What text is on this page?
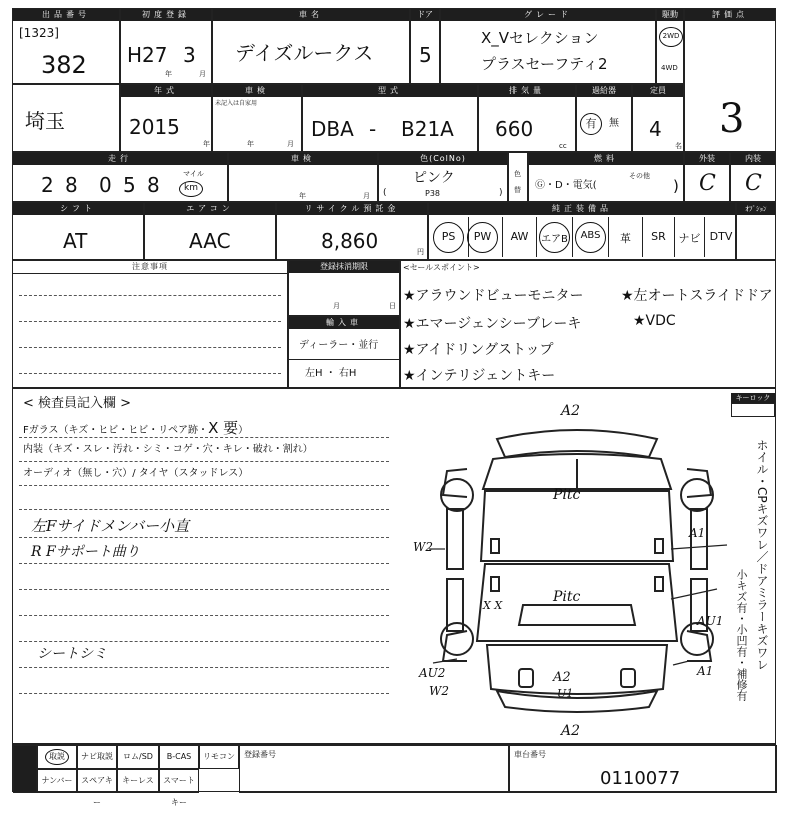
出品番号
[1323]
382
初度登録
H27 3
年	月
車名
デイズルークス
ドア
5
グレード
X_Vセレクション
プラスセーフティ2
駆動
2WD
4WD
評価点
3
埼玉
年式
2015
年
車検
未記入は自家用
年	月
型式
DBA - B21A
排気量
660
cc
過給器
有	無
定員
4
名
走行
2 8 0 5 8	マイル
km
車検
年	月
色(ColNo)
ピンク
(	P38	)
色
替
燃料
Ⓖ・D・電気(
その他
)
外装
C
内装
C
シフト
AT
エアコン
AAC
リサイクル預託金
8,860	円
純正装備品
PS	PW	AW	エアB	ABS	革	SR	ナビ DTV
ｵﾌﾟｼｮﾝ
注意事項	登録抹消期限
月	日
輸入車
ディーラー・並行
左H ・ 右H
<セールスポイント>
★アラウンドビューモニター	★左オートスライドドア
★エマージェンシーブレーキ	★VDC
★アイドリングストップ
★インテリジェントキー
< 検査員記入欄 >
Fガラス（キズ・ヒビ・ヒビ・リペア跡・X 要）
内装（キズ・スレ・汚れ・シミ・コゲ・穴・キレ・破れ・割れ）
オーディオ（無し・穴）/ タイヤ（スタッドレス）
左Fサイドメンバー小直
R Fサポート曲り
シートシミ
キーロック
ホイル・CPキズワレ／ドアミラーキズワレ
小キズ有・小凹有・補修有
A2
Pitc
Pitc
W2
A1
AU1
AU2
W2
A2
U1
A1
A2
X X
取説	ナビ取説	ロム/SD	B-CAS	リモコン
ナンバー	スペアキー
キーレス	スマートキー
登録番号	車台番号
0110077
